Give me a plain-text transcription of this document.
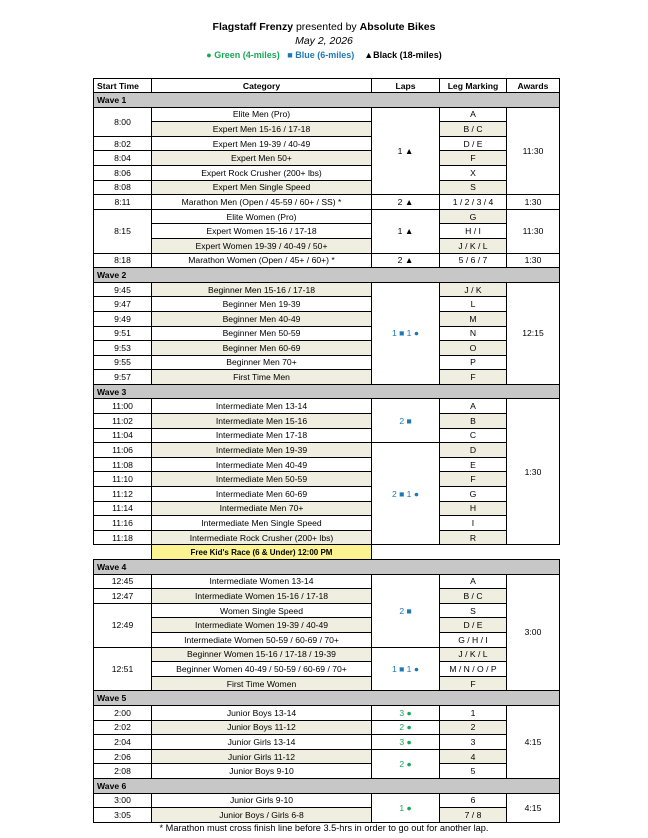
Flagstaff Frenzy presented by Absolute Bikes
May 2, 2026
● Green (4-miles) ■ Blue (6-miles) ▲Black (18-miles)
Start Time	Category	Laps	Leg Marking	Awards
Wave 1				
8:00	Elite Men (Pro)	1 ▲	A	11:30
	Expert Men 15-16 / 17-18		B / C	
8:02	Expert Men 19-39 / 40-49		D / E	
8:04	Expert Men 50+		F	
8:06	Expert Rock Crusher (200+ lbs)		X	
8:08	Expert Men Single Speed		S	
8:11	Marathon Men (Open / 45-59 / 60+ / SS) *	2 ▲	1 / 2 / 3 / 4	1:30
8:15	Elite Women (Pro)	1 ▲	G	11:30
	Expert Women 15-16 / 17-18		H / I	
	Expert Women 19-39 / 40-49 / 50+		J / K / L	
8:18	Marathon Women (Open / 45+ / 60+) *	2 ▲	5 / 6 / 7	1:30
Wave 2				
9:45	Beginner Men 15-16 / 17-18	1 ■ 1 ●	J / K	12:15
9:47	Beginner Men 19-39		L	
9:49	Beginner Men 40-49		M	
9:51	Beginner Men 50-59		N	
9:53	Beginner Men 60-69		O	
9:55	Beginner Men 70+		P	
9:57	First Time Men		F	
Wave 3				
11:00	Intermediate Men 13-14	2 ■	A	1:30
11:02	Intermediate Men 15-16		B	
11:04	Intermediate Men 17-18		C	
11:06	Intermediate Men 19-39	2 ■ 1 ●	D	
11:08	Intermediate Men 40-49		E	
11:10	Intermediate Men 50-59		F	
11:12	Intermediate Men 60-69		G	
11:14	Intermediate Men 70+		H	
11:16	Intermediate Men Single Speed		I	
11:18	Intermediate Rock Crusher (200+ lbs)		R	
	Free Kid's Race (6 & Under) 12:00 PM			
Wave 4				
12:45	Intermediate Women 13-14	2 ■	A	3:00
12:47	Intermediate Women 15-16 / 17-18		B / C	
12:49	Women Single Speed		S	
	Intermediate Women 19-39 / 40-49		D / E	
	Intermediate Women 50-59 / 60-69 / 70+		G / H / I	
12:51	Beginner Women 15-16 / 17-18 / 19-39	1 ■ 1 ●	J / K / L	
	Beginner Women 40-49 / 50-59 / 60-69 / 70+		M / N / O / P	
	First Time Women		F	
Wave 5				
2:00	Junior Boys 13-14	3 ●	1	4:15
2:02	Junior Boys 11-12	2 ●	2	
2:04	Junior Girls 13-14	3 ●	3	
2:06	Junior Girls 11-12	2 ●	4	
2:08	Junior Boys 9-10		5	
Wave 6				
3:00	Junior Girls 9-10	1 ●	6	4:15
3:05	Junior Boys / Girls 6-8		7 / 8	
* Marathon must cross finish line before 3.5-hrs in order to go out for another lap.
